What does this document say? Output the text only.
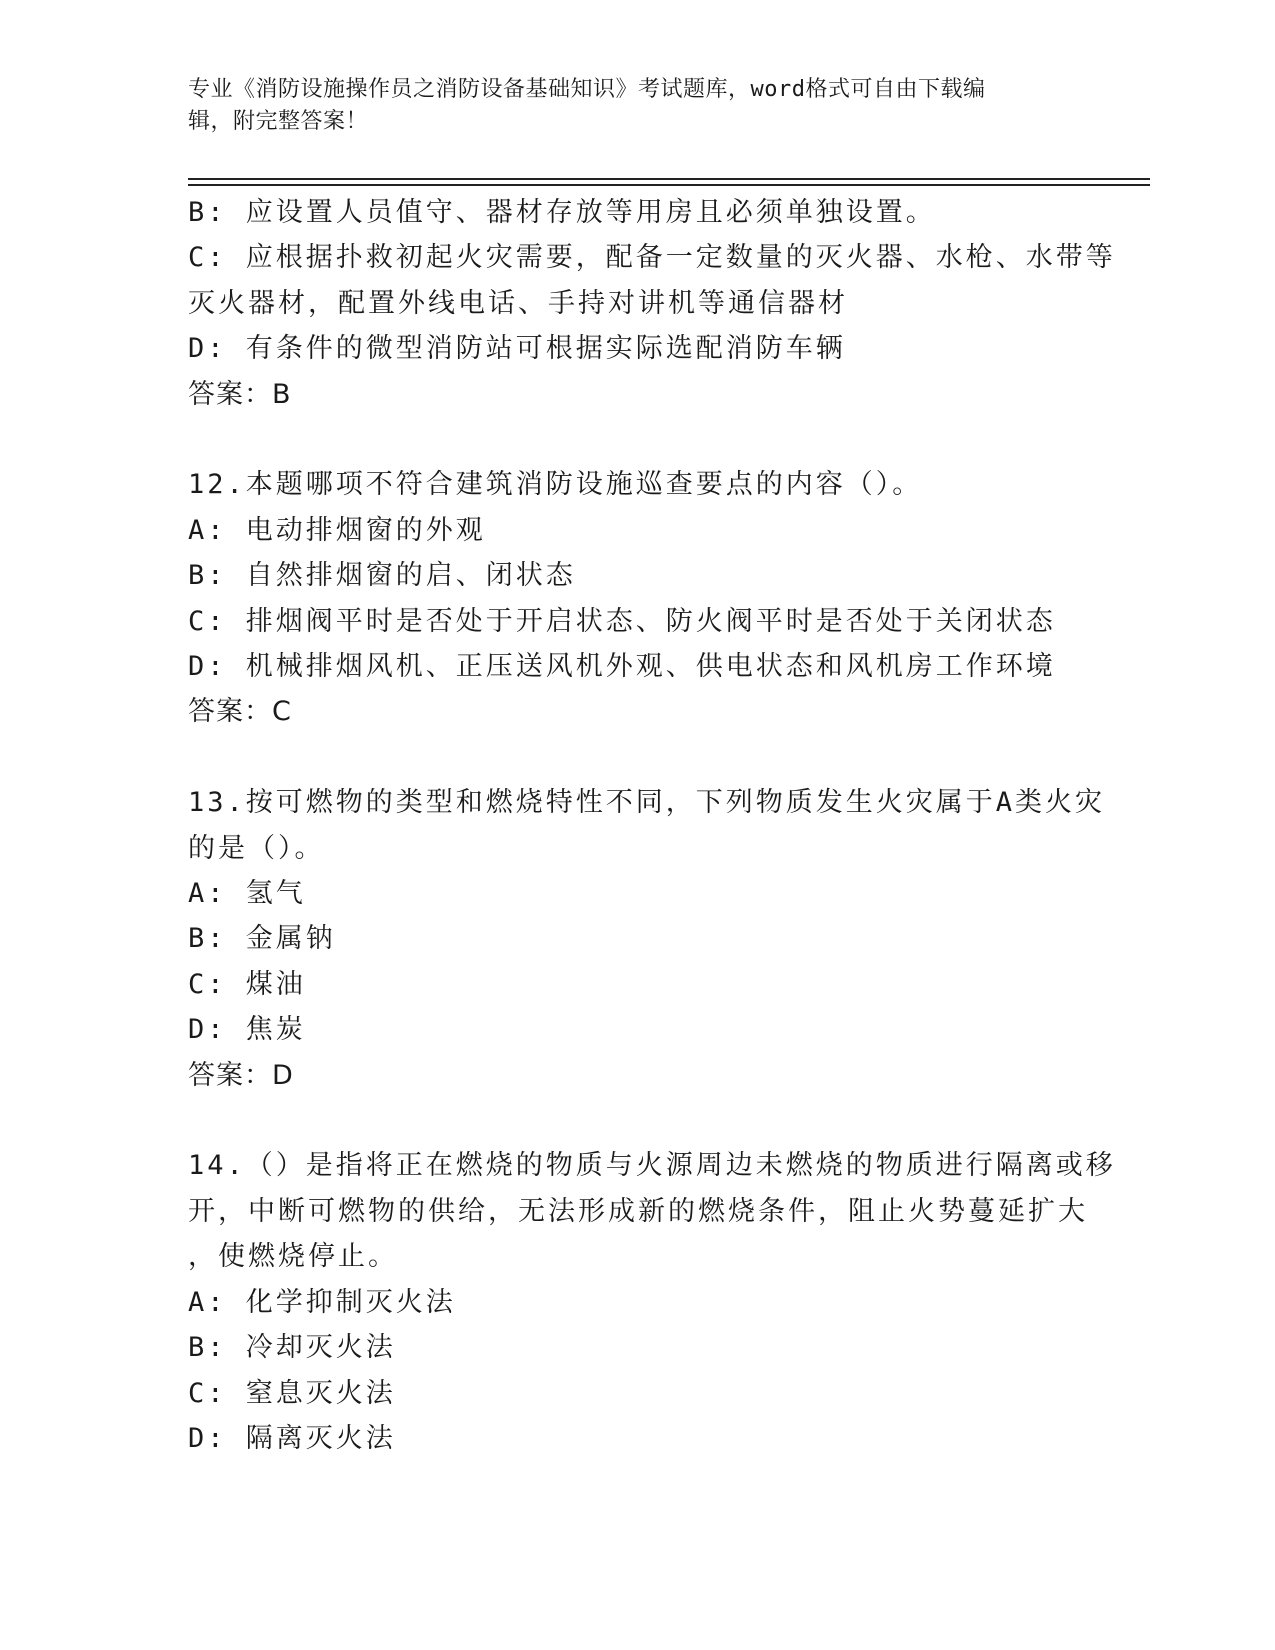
专业《消防设施操作员之消防设备基础知识》考试题库，word格式可自由下载编
辑，附完整答案！
B: 应设置人员值守、器材存放等用房且必须单独设置。
C: 应根据扑救初起火灾需要，配备一定数量的灭火器、水枪、水带等
灭火器材，配置外线电话、手持对讲机等通信器材
D: 有条件的微型消防站可根据实际选配消防车辆
答案：B
12.本题哪项不符合建筑消防设施巡查要点的内容（）。
A: 电动排烟窗的外观
B: 自然排烟窗的启、闭状态
C: 排烟阀平时是否处于开启状态、防火阀平时是否处于关闭状态
D: 机械排烟风机、正压送风机外观、供电状态和风机房工作环境
答案：C
13.按可燃物的类型和燃烧特性不同，下列物质发生火灾属于A类火灾
的是（）。
A: 氢气
B: 金属钠
C: 煤油
D: 焦炭
答案：D
14.（）是指将正在燃烧的物质与火源周边未燃烧的物质进行隔离或移
开，中断可燃物的供给，无法形成新的燃烧条件，阻止火势蔓延扩大
，使燃烧停止。
A: 化学抑制灭火法
B: 冷却灭火法
C: 窒息灭火法
D: 隔离灭火法
